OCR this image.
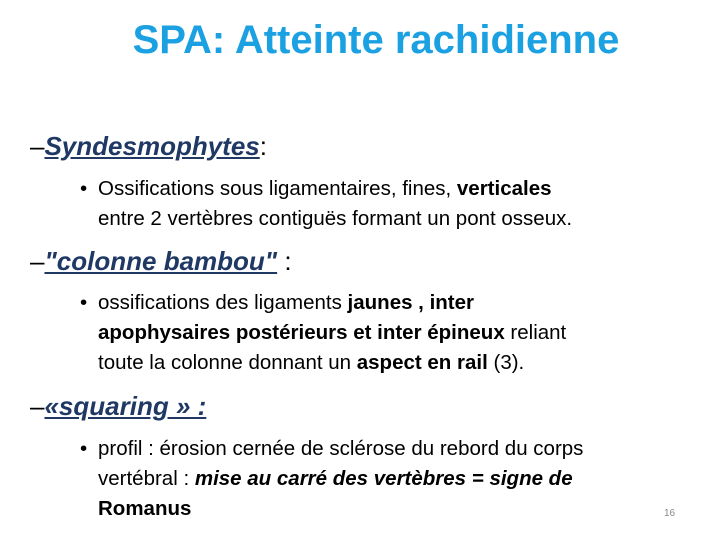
SPA: Atteinte rachidienne
–Syndesmophytes:
• Ossifications sous ligamentaires, fines, verticales
entre 2 vertèbres contiguës formant un pont osseux.
–"colonne bambou" :
• ossifications des ligaments jaunes , inter
apophysaires postérieurs et inter épineux reliant
toute la colonne donnant un aspect en rail (3).
–«squaring » :
• profil : érosion cernée de sclérose du rebord du corps
vertébral : mise au carré des vertèbres = signe de
Romanus	16
